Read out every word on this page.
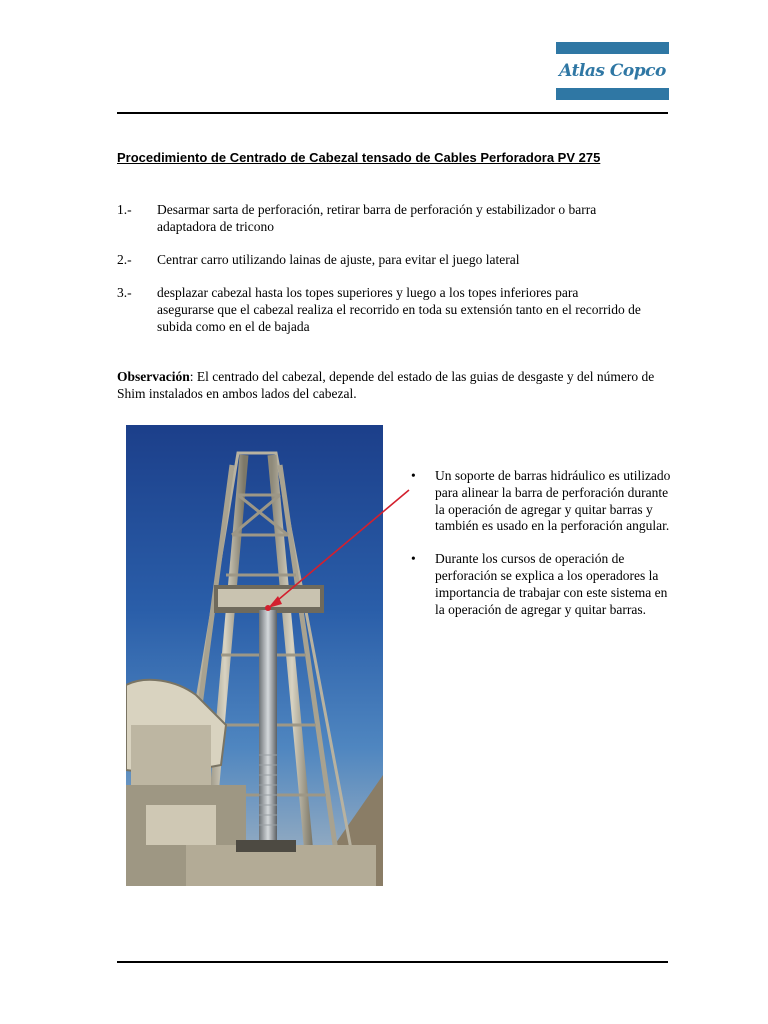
Atlas Copco
Procedimiento de Centrado de Cabezal tensado de Cables Perforadora PV 275
1.-	Desarmar sarta de perforación, retirar barra de perforación y estabilizador o barra adaptadora de tricono
2.-	Centrar carro utilizando lainas de ajuste, para evitar el juego lateral
3.-	desplazar cabezal hasta los topes superiores y luego a los topes inferiores para
asegurarse que el cabezal realiza el recorrido en toda su extensión tanto en el recorrido de
subida como en el de bajada
Observación: El centrado del cabezal, depende del estado de las guias de desgaste y del número de Shim instalados en ambos lados del cabezal.
• Un soporte de barras hidráulico es utilizado para alinear la barra de perforación durante la operación de agregar y quitar barras y también es usado en la perforación angular.
• Durante los cursos de operación de perforación se explica a los operadores la importancia de trabajar con este sistema en la operación de agregar y quitar barras.
